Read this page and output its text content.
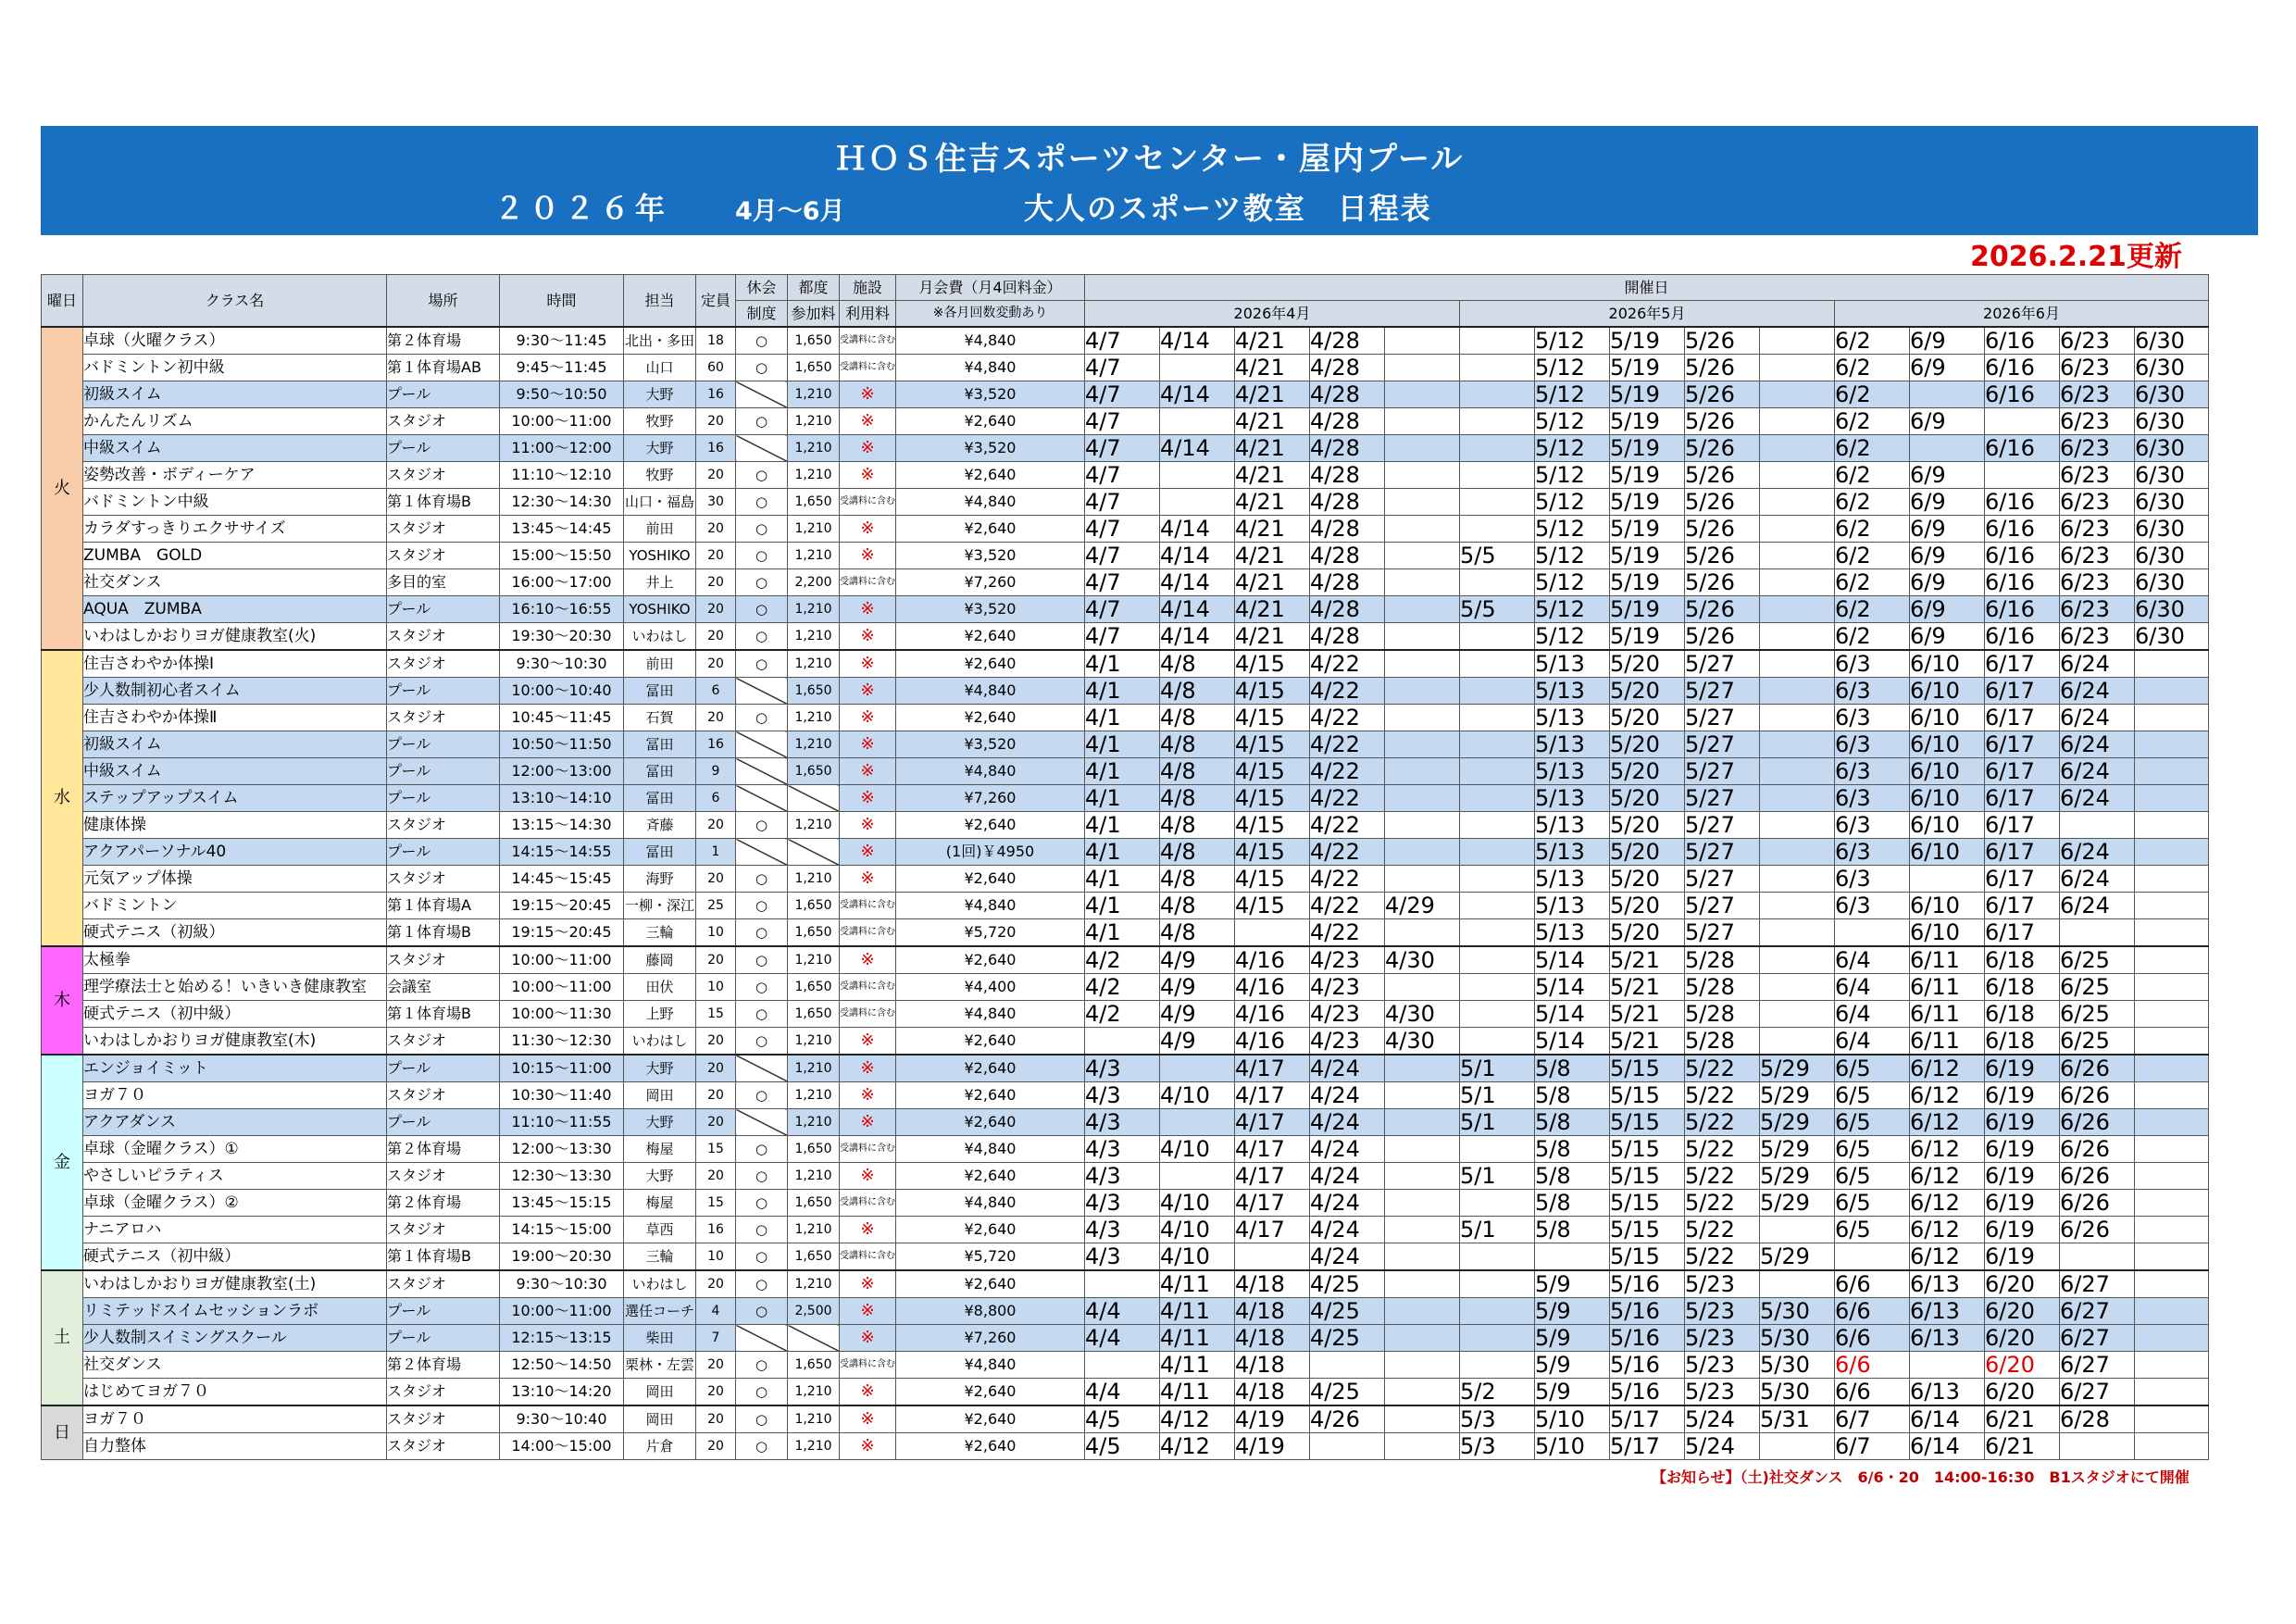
ＨＯＳ住吉スポーツセンター・屋内プール
２０２６年	4月～6月	大人のスポーツ教室　日程表
2026.2.21更新
曜日	クラス名	場所	時間	担当	定員	休会	都度	施設	月会費（月4回料金）	開催日														
						制度	参加料	利用料	※各月回数変動あり	2026年4月					2026年5月					2026年6月				
火	卓球（火曜クラス）	第２体育場	9:30～11:45	北出・多田	18	○	1,650	受講料に含む	¥4,840	4/7	4/14	4/21	4/28			5/12	5/19	5/26		6/2	6/9	6/16	6/23	6/30
	バドミントン初中級	第１体育場AB	9:45～11:45	山口	60	○	1,650	受講料に含む	¥4,840	4/7		4/21	4/28			5/12	5/19	5/26		6/2	6/9	6/16	6/23	6/30
	初級スイム	プール	9:50～10:50	大野	16		1,210	※	¥3,520	4/7	4/14	4/21	4/28			5/12	5/19	5/26		6/2		6/16	6/23	6/30
	かんたんリズム	スタジオ	10:00～11:00	牧野	20	○	1,210	※	¥2,640	4/7		4/21	4/28			5/12	5/19	5/26		6/2	6/9		6/23	6/30
	中級スイム	プール	11:00～12:00	大野	16		1,210	※	¥3,520	4/7	4/14	4/21	4/28			5/12	5/19	5/26		6/2		6/16	6/23	6/30
	姿勢改善・ボディーケア	スタジオ	11:10～12:10	牧野	20	○	1,210	※	¥2,640	4/7		4/21	4/28			5/12	5/19	5/26		6/2	6/9		6/23	6/30
	バドミントン中級	第１体育場B	12:30～14:30	山口・福島	30	○	1,650	受講料に含む	¥4,840	4/7		4/21	4/28			5/12	5/19	5/26		6/2	6/9	6/16	6/23	6/30
	カラダすっきりエクササイズ	スタジオ	13:45～14:45	前田	20	○	1,210	※	¥2,640	4/7	4/14	4/21	4/28			5/12	5/19	5/26		6/2	6/9	6/16	6/23	6/30
	ZUMBA　GOLD	スタジオ	15:00～15:50	YOSHIKO	20	○	1,210	※	¥3,520	4/7	4/14	4/21	4/28		5/5	5/12	5/19	5/26		6/2	6/9	6/16	6/23	6/30
	社交ダンス	多目的室	16:00～17:00	井上	20	○	2,200	受講料に含む	¥7,260	4/7	4/14	4/21	4/28			5/12	5/19	5/26		6/2	6/9	6/16	6/23	6/30
	AQUA　ZUMBA	プール	16:10～16:55	YOSHIKO	20	○	1,210	※	¥3,520	4/7	4/14	4/21	4/28		5/5	5/12	5/19	5/26		6/2	6/9	6/16	6/23	6/30
	いわはしかおりヨガ健康教室(火)	スタジオ	19:30～20:30	いわはし	20	○	1,210	※	¥2,640	4/7	4/14	4/21	4/28			5/12	5/19	5/26		6/2	6/9	6/16	6/23	6/30
水	住吉さわやか体操Ⅰ	スタジオ	9:30～10:30	前田	20	○	1,210	※	¥2,640	4/1	4/8	4/15	4/22			5/13	5/20	5/27		6/3	6/10	6/17	6/24	
	少人数制初心者スイム	プール	10:00～10:40	冨田	6		1,650	※	¥4,840	4/1	4/8	4/15	4/22			5/13	5/20	5/27		6/3	6/10	6/17	6/24	
	住吉さわやか体操Ⅱ	スタジオ	10:45～11:45	石賀	20	○	1,210	※	¥2,640	4/1	4/8	4/15	4/22			5/13	5/20	5/27		6/3	6/10	6/17	6/24	
	初級スイム	プール	10:50～11:50	冨田	16		1,210	※	¥3,520	4/1	4/8	4/15	4/22			5/13	5/20	5/27		6/3	6/10	6/17	6/24	
	中級スイム	プール	12:00～13:00	冨田	9		1,650	※	¥4,840	4/1	4/8	4/15	4/22			5/13	5/20	5/27		6/3	6/10	6/17	6/24	
	ステップアップスイム	プール	13:10～14:10	冨田	6			※	¥7,260	4/1	4/8	4/15	4/22			5/13	5/20	5/27		6/3	6/10	6/17	6/24	
	健康体操	スタジオ	13:15～14:30	斉藤	20	○	1,210	※	¥2,640	4/1	4/8	4/15	4/22			5/13	5/20	5/27		6/3	6/10	6/17		
	アクアパーソナル40	プール	14:15～14:55	冨田	1			※	(1回)￥4950	4/1	4/8	4/15	4/22			5/13	5/20	5/27		6/3	6/10	6/17	6/24	
	元気アップ体操	スタジオ	14:45～15:45	海野	20	○	1,210	※	¥2,640	4/1	4/8	4/15	4/22			5/13	5/20	5/27		6/3		6/17	6/24	
	バドミントン	第１体育場A	19:15～20:45	一柳・深江	25	○	1,650	受講料に含む	¥4,840	4/1	4/8	4/15	4/22	4/29		5/13	5/20	5/27		6/3	6/10	6/17	6/24	
	硬式テニス（初級）	第１体育場B	19:15～20:45	三輪	10	○	1,650	受講料に含む	¥5,720	4/1	4/8		4/22			5/13	5/20	5/27			6/10	6/17		
木	太極拳	スタジオ	10:00～11:00	藤岡	20	○	1,210	※	¥2,640	4/2	4/9	4/16	4/23	4/30		5/14	5/21	5/28		6/4	6/11	6/18	6/25	
	理学療法士と始める！いきいき健康教室	会議室	10:00～11:00	田伏	10	○	1,650	受講料に含む	¥4,400	4/2	4/9	4/16	4/23			5/14	5/21	5/28		6/4	6/11	6/18	6/25	
	硬式テニス（初中級）	第１体育場B	10:00～11:30	上野	15	○	1,650	受講料に含む	¥4,840	4/2	4/9	4/16	4/23	4/30		5/14	5/21	5/28		6/4	6/11	6/18	6/25	
	いわはしかおりヨガ健康教室(木)	スタジオ	11:30～12:30	いわはし	20	○	1,210	※	¥2,640		4/9	4/16	4/23	4/30		5/14	5/21	5/28		6/4	6/11	6/18	6/25	
金	エンジョイミット	プール	10:15～11:00	大野	20		1,210	※	¥2,640	4/3		4/17	4/24		5/1	5/8	5/15	5/22	5/29	6/5	6/12	6/19	6/26	
	ヨガ７０	スタジオ	10:30～11:40	岡田	20	○	1,210	※	¥2,640	4/3	4/10	4/17	4/24		5/1	5/8	5/15	5/22	5/29	6/5	6/12	6/19	6/26	
	アクアダンス	プール	11:10～11:55	大野	20		1,210	※	¥2,640	4/3		4/17	4/24		5/1	5/8	5/15	5/22	5/29	6/5	6/12	6/19	6/26	
	卓球（金曜クラス）①	第２体育場	12:00～13:30	梅屋	15	○	1,650	受講料に含む	¥4,840	4/3	4/10	4/17	4/24			5/8	5/15	5/22	5/29	6/5	6/12	6/19	6/26	
	やさしいピラティス	スタジオ	12:30～13:30	大野	20	○	1,210	※	¥2,640	4/3		4/17	4/24		5/1	5/8	5/15	5/22	5/29	6/5	6/12	6/19	6/26	
	卓球（金曜クラス）②	第２体育場	13:45～15:15	梅屋	15	○	1,650	受講料に含む	¥4,840	4/3	4/10	4/17	4/24			5/8	5/15	5/22	5/29	6/5	6/12	6/19	6/26	
	ナニアロハ	スタジオ	14:15～15:00	草西	16	○	1,210	※	¥2,640	4/3	4/10	4/17	4/24		5/1	5/8	5/15	5/22		6/5	6/12	6/19	6/26	
	硬式テニス（初中級）	第１体育場B	19:00～20:30	三輪	10	○	1,650	受講料に含む	¥5,720	4/3	4/10		4/24				5/15	5/22	5/29		6/12	6/19		
土	いわはしかおりヨガ健康教室(土)	スタジオ	9:30～10:30	いわはし	20	○	1,210	※	¥2,640		4/11	4/18	4/25			5/9	5/16	5/23		6/6	6/13	6/20	6/27	
	リミテッドスイムセッションラボ	プール	10:00～11:00	選任コーチ	4	○	2,500	※	¥8,800	4/4	4/11	4/18	4/25			5/9	5/16	5/23	5/30	6/6	6/13	6/20	6/27	
	少人数制スイミングスクール	プール	12:15～13:15	柴田	7			※	¥7,260	4/4	4/11	4/18	4/25			5/9	5/16	5/23	5/30	6/6	6/13	6/20	6/27	
	社交ダンス	第２体育場	12:50～14:50	栗林・左雲	20	○	1,650	受講料に含む	¥4,840		4/11	4/18				5/9	5/16	5/23	5/30	6/6		6/20	6/27	
	はじめてヨガ７０	スタジオ	13:10～14:20	岡田	20	○	1,210	※	¥2,640	4/4	4/11	4/18	4/25		5/2	5/9	5/16	5/23	5/30	6/6	6/13	6/20	6/27	
日	ヨガ７０	スタジオ	9:30～10:40	岡田	20	○	1,210	※	¥2,640	4/5	4/12	4/19	4/26		5/3	5/10	5/17	5/24	5/31	6/7	6/14	6/21	6/28	
	自力整体	スタジオ	14:00～15:00	片倉	20	○	1,210	※	¥2,640	4/5	4/12	4/19			5/3	5/10	5/17	5/24		6/7	6/14	6/21		
【お知らせ】（土)社交ダンス　6/6・20　14:00-16:30　B1スタジオにて開催
